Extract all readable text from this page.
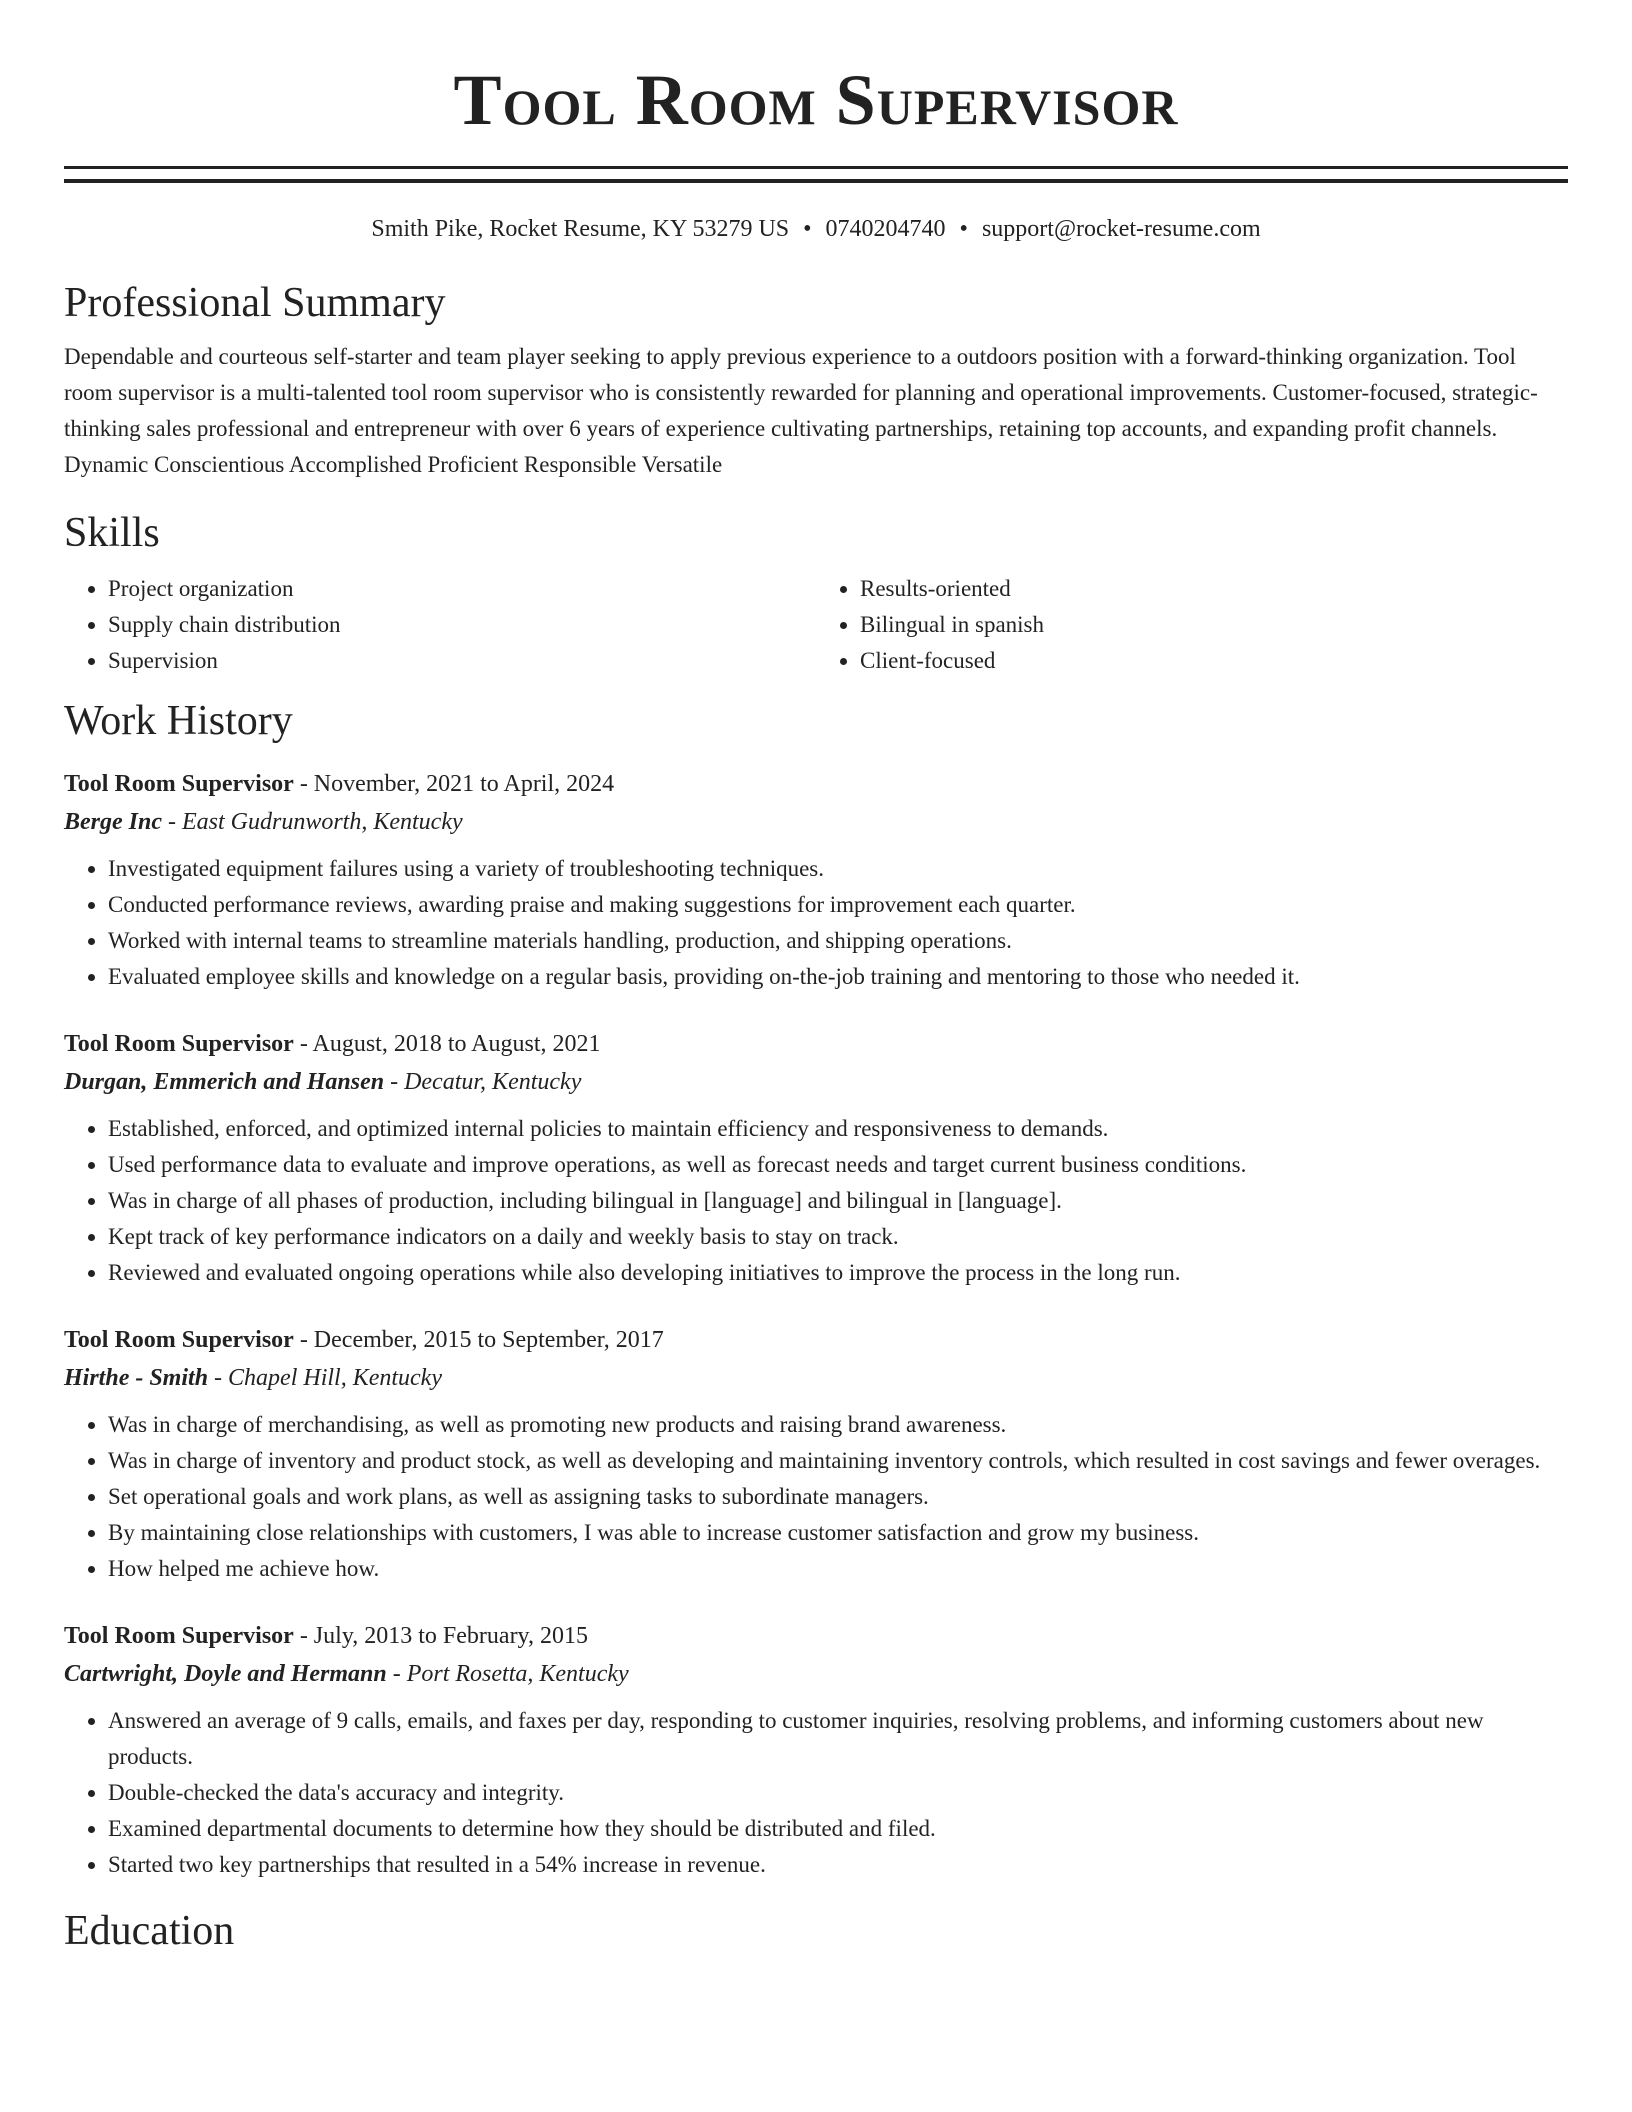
Tool Room Supervisor
Smith Pike, Rocket Resume, KY 53279 US • 0740204740 • support@rocket-resume.com
Professional Summary
Dependable and courteous self-starter and team player seeking to apply previous experience to a outdoors position with a forward-thinking organization. Tool room supervisor is a multi-talented tool room supervisor who is consistently rewarded for planning and operational improvements. Customer-focused, strategic-thinking sales professional and entrepreneur with over 6 years of experience cultivating partnerships, retaining top accounts, and expanding profit channels. Dynamic Conscientious Accomplished Proficient Responsible Versatile
Skills
• Project organization
• Supply chain distribution
• Supervision
• Results-oriented
• Bilingual in spanish
• Client-focused
Work History
Tool Room Supervisor - November, 2021 to April, 2024
Berge Inc - East Gudrunworth, Kentucky
• Investigated equipment failures using a variety of troubleshooting techniques.
• Conducted performance reviews, awarding praise and making suggestions for improvement each quarter.
• Worked with internal teams to streamline materials handling, production, and shipping operations.
• Evaluated employee skills and knowledge on a regular basis, providing on-the-job training and mentoring to those who needed it.
Tool Room Supervisor - August, 2018 to August, 2021
Durgan, Emmerich and Hansen - Decatur, Kentucky
• Established, enforced, and optimized internal policies to maintain efficiency and responsiveness to demands.
• Used performance data to evaluate and improve operations, as well as forecast needs and target current business conditions.
• Was in charge of all phases of production, including bilingual in [language] and bilingual in [language].
• Kept track of key performance indicators on a daily and weekly basis to stay on track.
• Reviewed and evaluated ongoing operations while also developing initiatives to improve the process in the long run.
Tool Room Supervisor - December, 2015 to September, 2017
Hirthe - Smith - Chapel Hill, Kentucky
• Was in charge of merchandising, as well as promoting new products and raising brand awareness.
• Was in charge of inventory and product stock, as well as developing and maintaining inventory controls, which resulted in cost savings and fewer overages.
• Set operational goals and work plans, as well as assigning tasks to subordinate managers.
• By maintaining close relationships with customers, I was able to increase customer satisfaction and grow my business.
• How helped me achieve how.
Tool Room Supervisor - July, 2013 to February, 2015
Cartwright, Doyle and Hermann - Port Rosetta, Kentucky
• Answered an average of 9 calls, emails, and faxes per day, responding to customer inquiries, resolving problems, and informing customers about new products.
• Double-checked the data's accuracy and integrity.
• Examined departmental documents to determine how they should be distributed and filed.
• Started two key partnerships that resulted in a 54% increase in revenue.
Education
